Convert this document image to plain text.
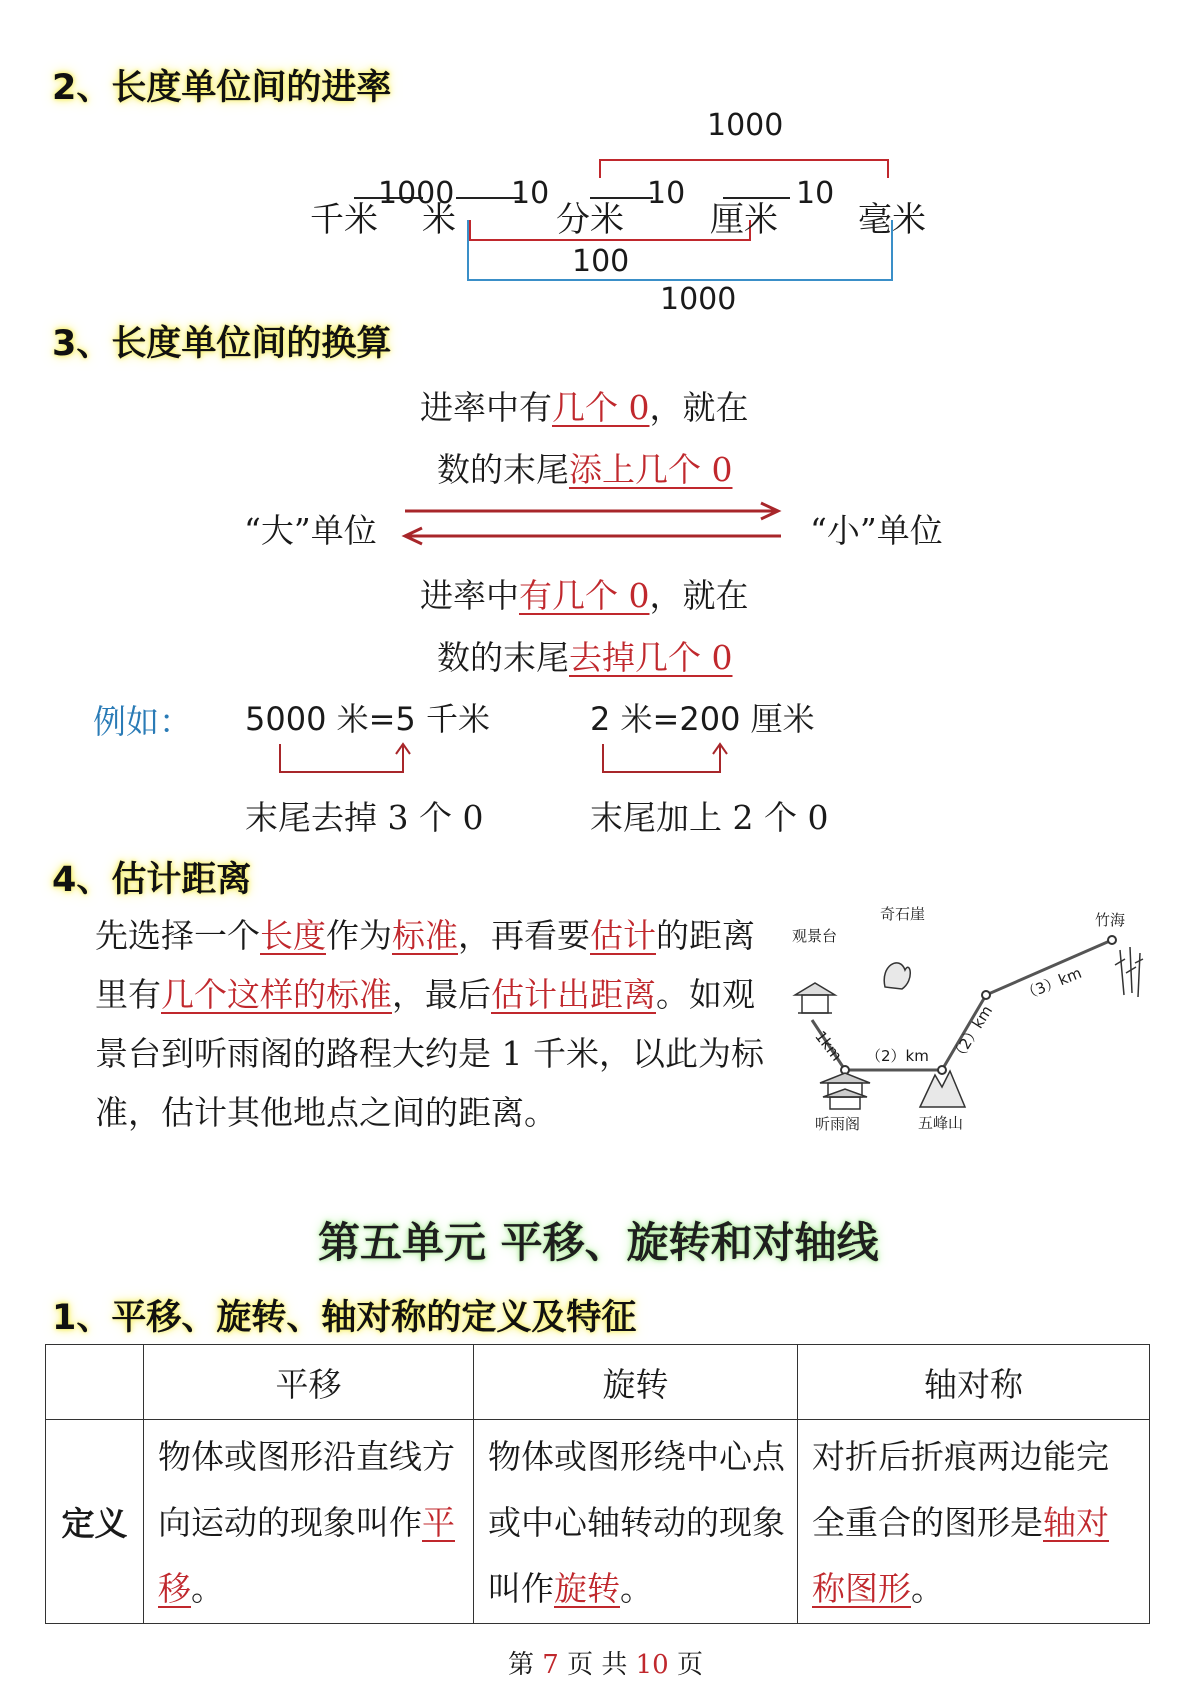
2、长度单位间的进率
1000
千米
1000
米
10
分米
10
厘米
10
毫米
100
1000
3、长度单位间的换算
进率中有几个 0，就在
数的末尾添上几个 0
“大”单位	“小”单位
进率中有几个 0，就在
数的末尾去掉几个 0
例如： 5000 米=5 千米	2 米=200 厘米
末尾去掉 3 个 0	末尾加上 2 个 0
4、估计距离
先选择一个长度作为标准，再看要估计的距离里有几个这样的标准，最后估计出距离。如观景台到听雨阁的路程大约是 1 千米，以此为标准，估计其他地点之间的距离。
观景台
听雨阁	五峰山
奇石崖	竹海
1km （2）km （2）km
（3）km
第五单元 平移、旋转和对轴线
1、平移、旋转、轴对称的定义及特征
	平移	旋转	轴对称
定义	物体或图形沿直线方向运动的现象叫作平移。	物体或图形绕中心点或中心轴转动的现象叫作旋转。	对折后折痕两边能完全重合的图形是轴对称图形。
第 7 页 共 10 页
